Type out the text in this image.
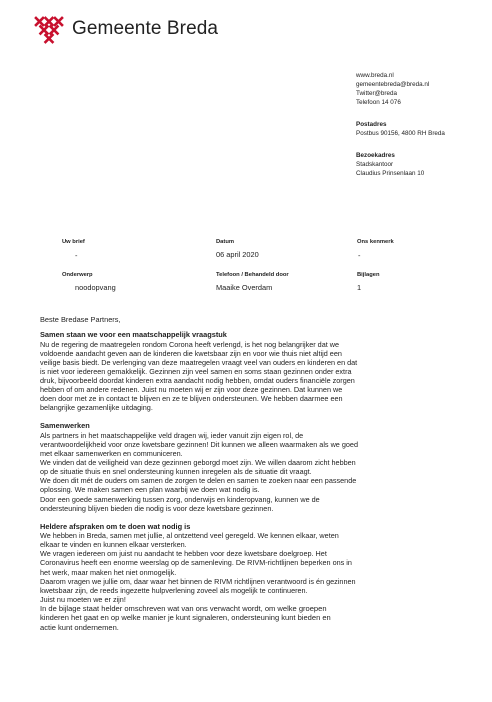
Gemeente Breda
www.breda.nl
gemeentebreda@breda.nl
Twitter@breda
Telefoon 14 076
Postadres
Postbus 90156, 4800 RH Breda
Bezoekadres
Stadskantoor
Claudius Prinsenlaan 10
Uw brief
-
Datum
06 april 2020
Ons kenmerk
-
Onderwerp
noodopvang
Telefoon / Behandeld door
Maaike Overdam
Bijlagen
1
Beste Bredase Partners,
Samen staan we voor een maatschappelijk vraagstuk

Nu de regering de maatregelen rondom Corona heeft verlengd, is het nog belangrijker dat we
voldoende aandacht geven aan de kinderen die kwetsbaar zijn en voor wie thuis niet altijd een
veilige basis biedt. De verlenging van deze maatregelen vraagt veel van ouders en kinderen en dat
is niet voor iedereen gemakkelijk. Gezinnen zijn veel samen en soms staan gezinnen onder extra
druk, bijvoorbeeld doordat kinderen extra aandacht nodig hebben, omdat ouders financiële zorgen
hebben of om andere redenen. Juist nu moeten wij er zijn voor deze gezinnen. Dat kunnen we
doen door met ze in contact te blijven en ze te blijven ondersteunen. We hebben daarmee een
belangrijke gezamenlijke uitdaging.

Samenwerken

Als partners in het maatschappelijke veld dragen wij, ieder vanuit zijn eigen rol, de
verantwoordelijkheid voor onze kwetsbare gezinnen! Dit kunnen we alleen waarmaken als we goed
met elkaar samenwerken en communiceren.
We vinden dat de veiligheid van deze gezinnen geborgd moet zijn. We willen daarom zicht hebben
op de situatie thuis en snel ondersteuning kunnen inregelen als de situatie dit vraagt.
We doen dit mét de ouders om samen de zorgen te delen en samen te zoeken naar een passende
oplossing. We maken samen een plan waarbij we doen wat nodig is.
Door een goede samenwerking tussen zorg, onderwijs en kinderopvang, kunnen we de
ondersteuning blijven bieden die nodig is voor deze kwetsbare gezinnen.

Heldere afspraken om te doen wat nodig is

We hebben in Breda, samen met jullie, al ontzettend veel geregeld. We kennen elkaar, weten
elkaar te vinden en kunnen elkaar versterken.
We vragen iedereen om juist nu aandacht te hebben voor deze kwetsbare doelgroep. Het
Coronavirus heeft een enorme weerslag op de samenleving. De RIVM-richtlijnen beperken ons in
het werk, maar maken het niet onmogelijk.
Daarom vragen we jullie om, daar waar het binnen de RIVM richtlijnen verantwoord is én gezinnen
kwetsbaar zijn, de reeds ingezette hulpverlening zoveel als mogelijk te continueren.
Juist nu moeten we er zijn!

In de bijlage staat helder omschreven wat van ons verwacht wordt, om welke groepen
kinderen het gaat en op welke manier je kunt signaleren, ondersteuning kunt bieden en
actie kunt ondernemen.
